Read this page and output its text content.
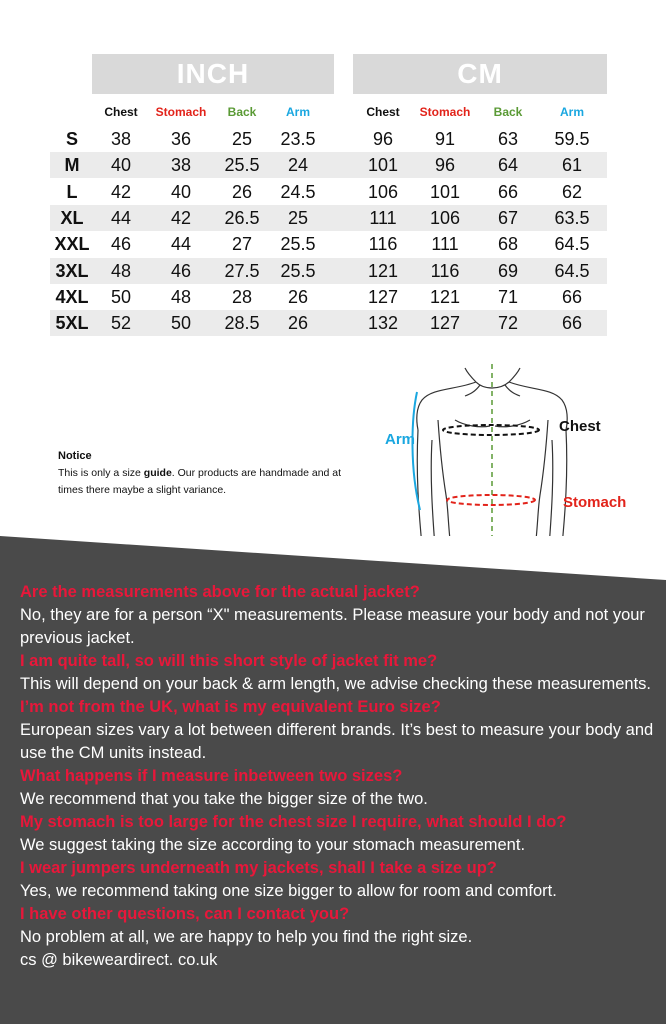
INCH	CM
Chest	Stomach	Back	Arm	Chest	Stomach	Back	Arm
S	38	36	25	23.5	96	91	63	59.5
M	40	38	25.5	24	101	96	64	61
L	42	40	26	24.5	106	101	66	62
XL	44	42	26.5	25	111	106	67	63.5
XXL	46	44	27	25.5	116	111	68	64.5
3XL	48	46	27.5	25.5	121	116	69	64.5
4XL	50	48	28	26	127	121	71	66
5XL	52	50	28.5	26	132	127	72	66
Notice
This is only a size guide. Our products are handmade and at times there maybe a slight variance.
Arm
Chest
Stomach
Are the measurements above for the actual jacket?
No, they are for a person “X" measurements. Please measure your body and not your previous jacket.
I am quite tall, so will this short style of jacket fit me?
This will depend on your back & arm length, we advise checking these measurements.
I’m not from the UK, what is my equivalent Euro size?
European sizes vary a lot between different brands. It’s best to measure your body and use the CM units instead.
What happens if I measure inbetween two sizes?
We recommend that you take the bigger size of the two.
My stomach is too large for the chest size I require, what should I do?
We suggest taking the size according to your stomach measurement.
I wear jumpers underneath my jackets, shall I take a size up?
Yes, we recommend taking one size bigger to allow for room and comfort.
I have other questions, can I contact you?
No problem at all, we are happy to help you find the right size.
cs @ bikeweardirect. co.uk
